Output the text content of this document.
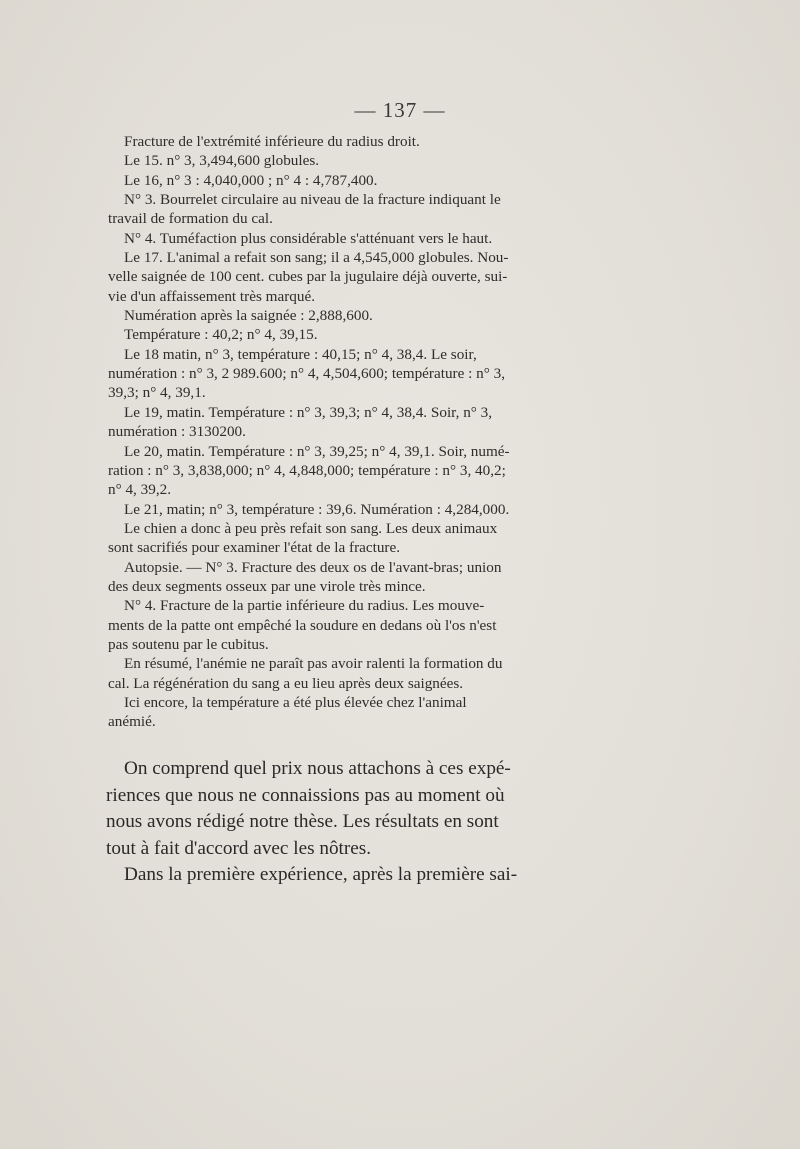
— 137 —
Fracture de l'extrémité inférieure du radius droit.
Le 15. n° 3, 3,494,600 globules.
Le 16, n° 3 : 4,040,000 ; n° 4 : 4,787,400.
N° 3. Bourrelet circulaire au niveau de la fracture indiquant le
travail de formation du cal.
N° 4. Tuméfaction plus considérable s'atténuant vers le haut.
Le 17. L'animal a refait son sang; il a 4,545,000 globules. Nou-
velle saignée de 100 cent. cubes par la jugulaire déjà ouverte, sui-
vie d'un affaissement très marqué.
Numération après la saignée : 2,888,600.
Température : 40,2; n° 4, 39,15.
Le 18 matin, n° 3, température : 40,15; n° 4, 38,4. Le soir,
numération : n° 3, 2 989.600; n° 4, 4,504,600; température : n° 3,
39,3; n° 4, 39,1.
Le 19, matin. Température : n° 3, 39,3; n° 4, 38,4. Soir, n° 3,
numération : 3130200.
Le 20, matin. Température : n° 3, 39,25; n° 4, 39,1. Soir, numé-
ration : n° 3, 3,838,000; n° 4, 4,848,000; température : n° 3, 40,2;
n° 4, 39,2.
Le 21, matin; n° 3, température : 39,6. Numération : 4,284,000.
Le chien a donc à peu près refait son sang. Les deux animaux
sont sacrifiés pour examiner l'état de la fracture.
Autopsie. — N° 3. Fracture des deux os de l'avant-bras; union
des deux segments osseux par une virole très mince.
N° 4. Fracture de la partie inférieure du radius. Les mouve-
ments de la patte ont empêché la soudure en dedans où l'os n'est
pas soutenu par le cubitus.
En résumé, l'anémie ne paraît pas avoir ralenti la formation du
cal. La régénération du sang a eu lieu après deux saignées.
Ici encore, la température a été plus élevée chez l'animal
anémié.
On comprend quel prix nous attachons à ces expé-
riences que nous ne connaissions pas au moment où
nous avons rédigé notre thèse. Les résultats en sont
tout à fait d'accord avec les nôtres.
Dans la première expérience, après la première sai-
